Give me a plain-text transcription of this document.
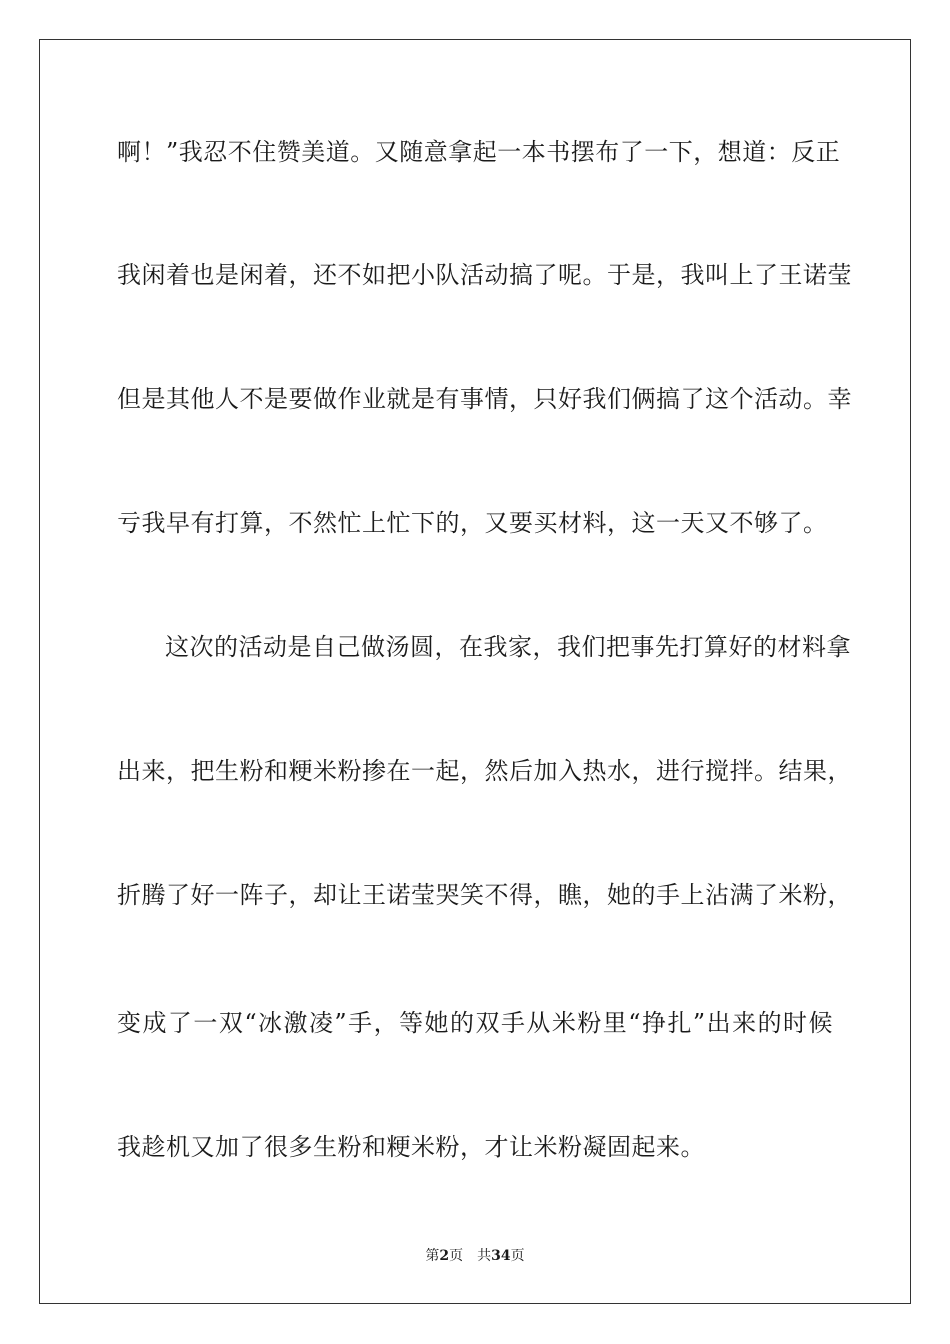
啊！”我忍不住赞美道。又随意拿起一本书摆布了一下，想道：反正
我闲着也是闲着，还不如把小队活动搞了呢。于是，我叫上了王诺莹
但是其他人不是要做作业就是有事情，只好我们俩搞了这个活动。幸
亏我早有打算，不然忙上忙下的，又要买材料，这一天又不够了。
这次的活动是自己做汤圆，在我家，我们把事先打算好的材料拿
出来，把生粉和粳米粉掺在一起，然后加入热水，进行搅拌。结果，
折腾了好一阵子，却让王诺莹哭笑不得，瞧，她的手上沾满了米粉，
变成了一双“冰激凌”手，等她的双手从米粉里“挣扎”出来的时候
我趁机又加了很多生粉和粳米粉，才让米粉凝固起来。
第2页　共34页
